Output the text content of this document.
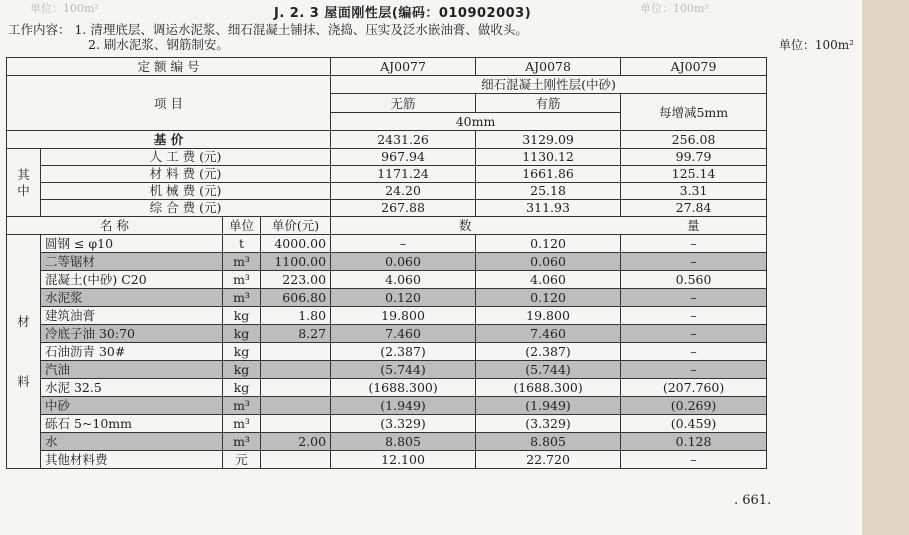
单位：100m²	单位：100m²
J. 2. 3 屋面刚性层(编码：010902003)
工作内容： 1. 清理底层、调运水泥浆、细石混凝土铺抹、浇捣、压实及泛水嵌油膏、做收头。
2. 刷水泥浆、钢筋制安。	单位：100m²
定 额 编 号				AJ0077	AJ0078	AJ0079
项 目				细石混凝土刚性层(中砂)		
				无筋	有筋	每增减5mm
				40mm		
基 价				2431.26	3129.09	256.08

其
中	人 工 费 (元)			967.94	1130.12	99.79
	材 料 费 (元)			1171.24	1661.86	125.14
	机 械 费 (元)			24.20	25.18	3.31
	综 合 费 (元)			267.88	311.93	27.84
名 称		单位	单价(元)	数		量

材
料	圆钢 ≤ φ10	t	4000.00	–	0.120	–
	二等锯材	m³	1100.00	0.060	0.060	–
	混凝土(中砂) C20	m³	223.00	4.060	4.060	0.560
	水泥浆	m³	606.80	0.120	0.120	–
	建筑油膏	kg	1.80	19.800	19.800	–
	冷底子油 30:70	kg	8.27	7.460	7.460	–
	石油沥青 30#	kg		(2.387)	(2.387)	–
	汽油	kg		(5.744)	(5.744)	–
	水泥 32.5	kg		(1688.300)	(1688.300)	(207.760)
	中砂	m³		(1.949)	(1.949)	(0.269)
	砾石 5~10mm	m³		(3.329)	(3.329)	(0.459)
	水	m³	2.00	8.805	8.805	0.128
	其他材料费	元		12.100	22.720	–
. 661.
